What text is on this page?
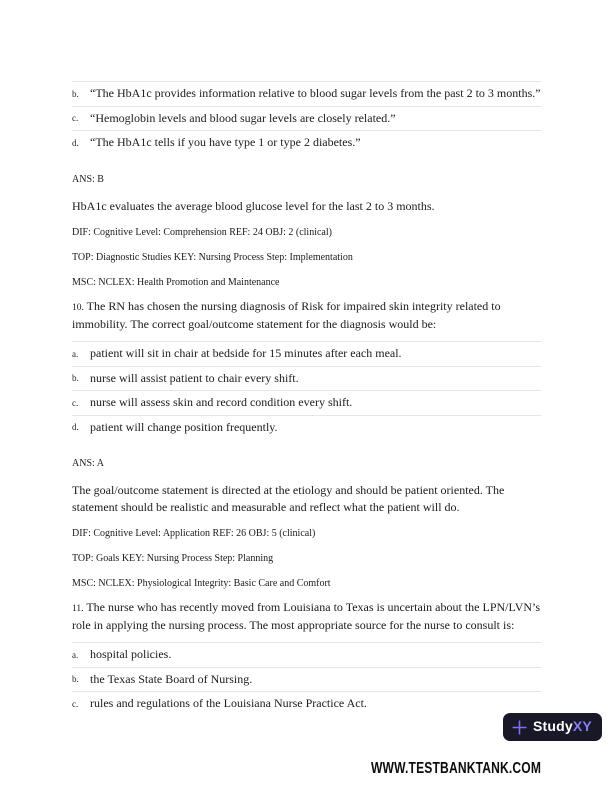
b. “The HbA1c provides information relative to blood sugar levels from the past 2 to 3 months.”
c. “Hemoglobin levels and blood sugar levels are closely related.”
d. “The HbA1c tells if you have type 1 or type 2 diabetes.”
ANS: B
HbA1c evaluates the average blood glucose level for the last 2 to 3 months.
DIF: Cognitive Level: Comprehension REF: 24 OBJ: 2 (clinical)
TOP: Diagnostic Studies KEY: Nursing Process Step: Implementation
MSC: NCLEX: Health Promotion and Maintenance
10. The RN has chosen the nursing diagnosis of Risk for impaired skin integrity related to immobility. The correct goal/outcome statement for the diagnosis would be:
a. patient will sit in chair at bedside for 15 minutes after each meal.
b. nurse will assist patient to chair every shift.
c. nurse will assess skin and record condition every shift.
d. patient will change position frequently.
ANS: A
The goal/outcome statement is directed at the etiology and should be patient oriented. The statement should be realistic and measurable and reflect what the patient will do.
DIF: Cognitive Level: Application REF: 26 OBJ: 5 (clinical)
TOP: Goals KEY: Nursing Process Step: Planning
MSC: NCLEX: Physiological Integrity: Basic Care and Comfort
11. The nurse who has recently moved from Louisiana to Texas is uncertain about the LPN/LVN’s role in applying the nursing process. The most appropriate source for the nurse to consult is:
a. hospital policies.
b. the Texas State Board of Nursing.
c. rules and regulations of the Louisiana Nurse Practice Act.
StudyXY
WWW.TESTBANKTANK.COM
